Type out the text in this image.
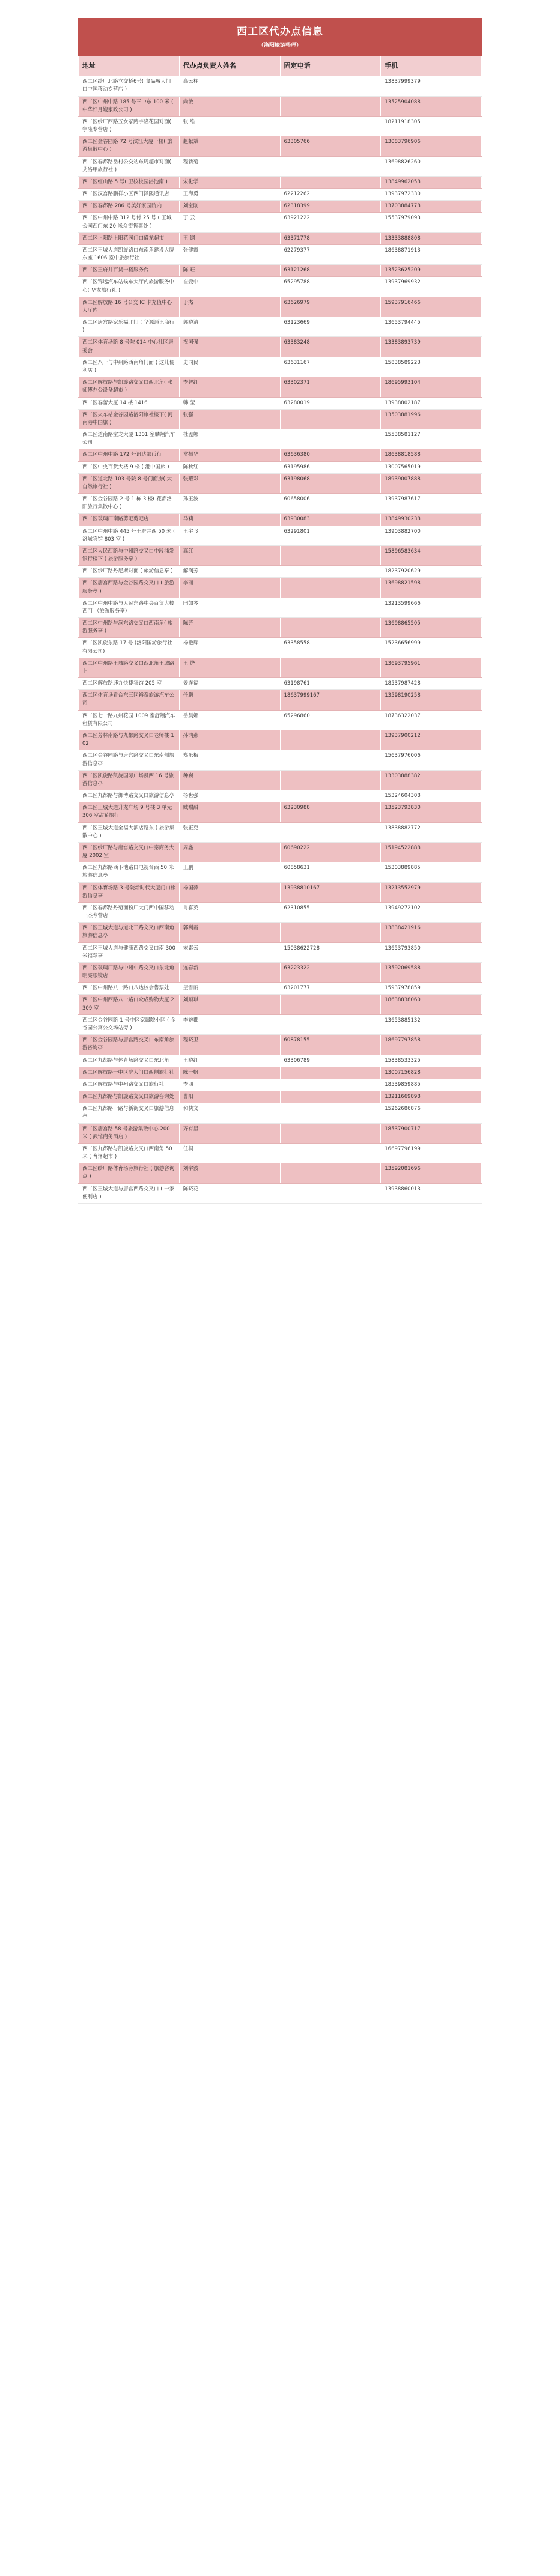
西工区代办点信息			
（洛阳旅游整理）			
地址	代办点负责人姓名	固定电话	手机
西工区纱厂北路立交桥6号( 食品城大门口中国移动专营店 )	高云柱		13837999379
西工区中州中路 185 号三中东 100 米 ( 中华好月嫂家政公司 )	尚敏		13525904088
西工区纱厂西路五女冢路宇隆花园对面( 宇隆专营店 )	张 维		18211918305
西工区金谷园路 72 号滨江大厦一楼( 旅游集散中心 )	赵献斌	63305766	13083796906
西工区春都路岳村公交站东周超市对面( 艾洛甲旅行社 )	程新菊		13698826260
西工区红山路 5 号( 卫校校园浴池南 )	宋化学		13849962058
西工区汉宫路鹏祥小区西门泽熙通讯店	王海勇	62212262	13937972330
西工区春都路 286 号美好家园院内	刘宝刚	62318399	13703884778
西工区中州中路 312 号付 25 号 ( 王城公园西门东 20 米众望售票处 )	丁 云	63921222	15537979093
西工区上阳路上阳花园门口盛龙超市	王 钢	63371778	13333888808
西工区王城大道凯旋路口东南角建设大厦东座 1606 室中旅旅行社	张健霞	62279377	18638871913
西工区王府井百货一楼服务台	陈 旺	63121268	13523625209
西工区锦远汽车站候车大厅内旅游服务中心( 华龙旅行社 )	崔爱中	65295788	13937969932
西工区解放路 16 号公交 IC 卡充值中心大厅内	于杰	63626979	15937916466
西工区唐宫路家乐福北门 ( 华源通讯商行 )	郭晓清	63123669	13653794445
西工区体育场路 8 号院 014 中心社区居委会	祝国强	63383248	13383893739
西工区八一与中州路西南角门面 ( 这儿便利店 )	史同民	63631167	15838589223
西工区解放路与凯旋路交叉口西北角( 张师傅办公设备超市 )	李智红	63302371	18695993104
西工区春蕾大厦 14 楼 1416	韩 莹	63280019	13938802187
西工区火车站金谷园路洛阳旅社楼下( 河南港中国旅 )	张强		13503881996
西工区道南路宝龙大厦 1301 室麟翔汽车公司	杜孟娜		15538581127
西工区中州中路 172 号讯达邮币行	常振华	63636380	18638818588
西工区中央百货大楼 9 楼 ( 港中国旅 )	陈秋红	63195986	13007565019
西工区道北路 103 号院 8 号门面房( 大自然旅行社 )	张耀彩	63198068	18939007888
西工区金谷园路 2 号 1 栋 3 楼( 花都洛阳旅行集散中心 )	孙玉波	60658006	13937987617
西工区玻璃厂南路剪吧剪吧店	马莉	63930083	13849930238
西工区中州中路 445 号王府井西 50 米 ( 洛城宾馆 803 室 )	王宇飞	63291801	13903882700
西工区人民西路与中州路交叉口中段浦发银行楼下 ( 旅游服务亭 )	高红		15896583634
西工区纱厂路丹尼斯对面 ( 旅游信息亭 )	解润芳		18237920629
西工区唐宫西路与金谷园路交叉口 ( 旅游服务亭 )	李丽		13698821598
西工区中州中路与人民东路中央百货大楼西门 （旅游服务亭）	闫如琴		13213599666
西工区中州路与涧东路交叉口西南角( 旅游服务亭 )	陈芳		13698865505
西工区凯旋东路 17 号 (洛阳国游旅行社有限公司)	杨艳辉	63358558	15236656999
西工区中州路王城路交叉口西北角王城路上	王 烨		13693795961
西工区解放路速九快捷宾馆 205 室	姜连福	63198761	18537987428
西工区体育场看台东三区裕泰旅游汽车公司	任鹏	18637999167	13598190258
西工区七一路九州花园 1009 室舒翔汽车租赁有限公司	岳晨娜	65296860	18736322037
西工区芳林南路与九都路交叉口老师楼 102	孙鸿燕		13937900212
西工区金谷园路与唐宫路交叉口东南侧旅游信息亭	郑乐梅		15637976006
西工区凯旋路凯旋国际广场凯西 16 号旅游信息亭	种巍		13303888382
西工区九都路与御博路交叉口旅游信息亭	杨世强		15324604308
西工区王城大道升龙广场 9 号楼 3 单元 306 室甜希旅行	臧甜甜	63230988	13523793830
西工区王城大道全福大酒店路东 ( 旅游集散中心 )	张正克		13838882772
西工区纱厂路与唐宫路交叉口中泰商务大厦 2002 室	周鑫	60690222	15194522888
西工区九都路西下池路口电视台西 50 米旅游信息亭	王鹏	60858631	15303889885
西工区体育场路 3 号院新时代大厦门口旅游信息亭	杨国萍	13938810167	13213552979
西工区春都路丹菊面粉厂大门西中国移动一杰专营店	肖喜英	62310855	13949272102
西工区王城大道与道北三路交叉口西南角旅游信息亭	郭利霞		13838421916
西工区王城大道与健康西路交叉口南 300 米福彩亭	宋素云	15038622728	13653793850
西工区玻璃厂路与中州中路交叉口东北角明亮眼镜店	连春新	63223322	13592069588
西工区中州路八一路口八达校会售票处	望雪丽	63201777	15937978859
西工区中州西路八一路口众成购物大厦 2309 室	刘顺琪		18638838060
西工区金谷园路 1 号中区家属院小区 ( 金谷园公寓公交场站旁 )	李婉郡		13653885132
西工区金谷园路与唐宫路交叉口东南角旅游咨询亭	程晓卫	60878155	18697797858
西工区九都路与体育场路交叉口东北角	王晓红	63306789	15838533325
西工区解放路一中区院大门口西侧旅行社	陈一帆		13007156828
西工区解放路与中州路交叉口旅行社	李朋		18539859885
西工区九都路与凯旋路交叉口旅游咨询处	曹阳		13211669898
西工区九都路一路与新街交叉口旅游信息亭	和快文		15262686876
西工区唐宫路 58 号旅游集散中心 200 米 ( 武馆商务酒店 )	齐有星		18537900717
西工区九都路与凯旋路交叉口西南角 50 米 ( 育泽超市 )	任桐		16697796199
西工区纱厂路体育场旁旅行社 ( 旅游咨询点 )	刘宇波		13592081696
西工区王城大道与唐宫西路交叉口 ( 一家便利店 )	陈晓花		13938860013
